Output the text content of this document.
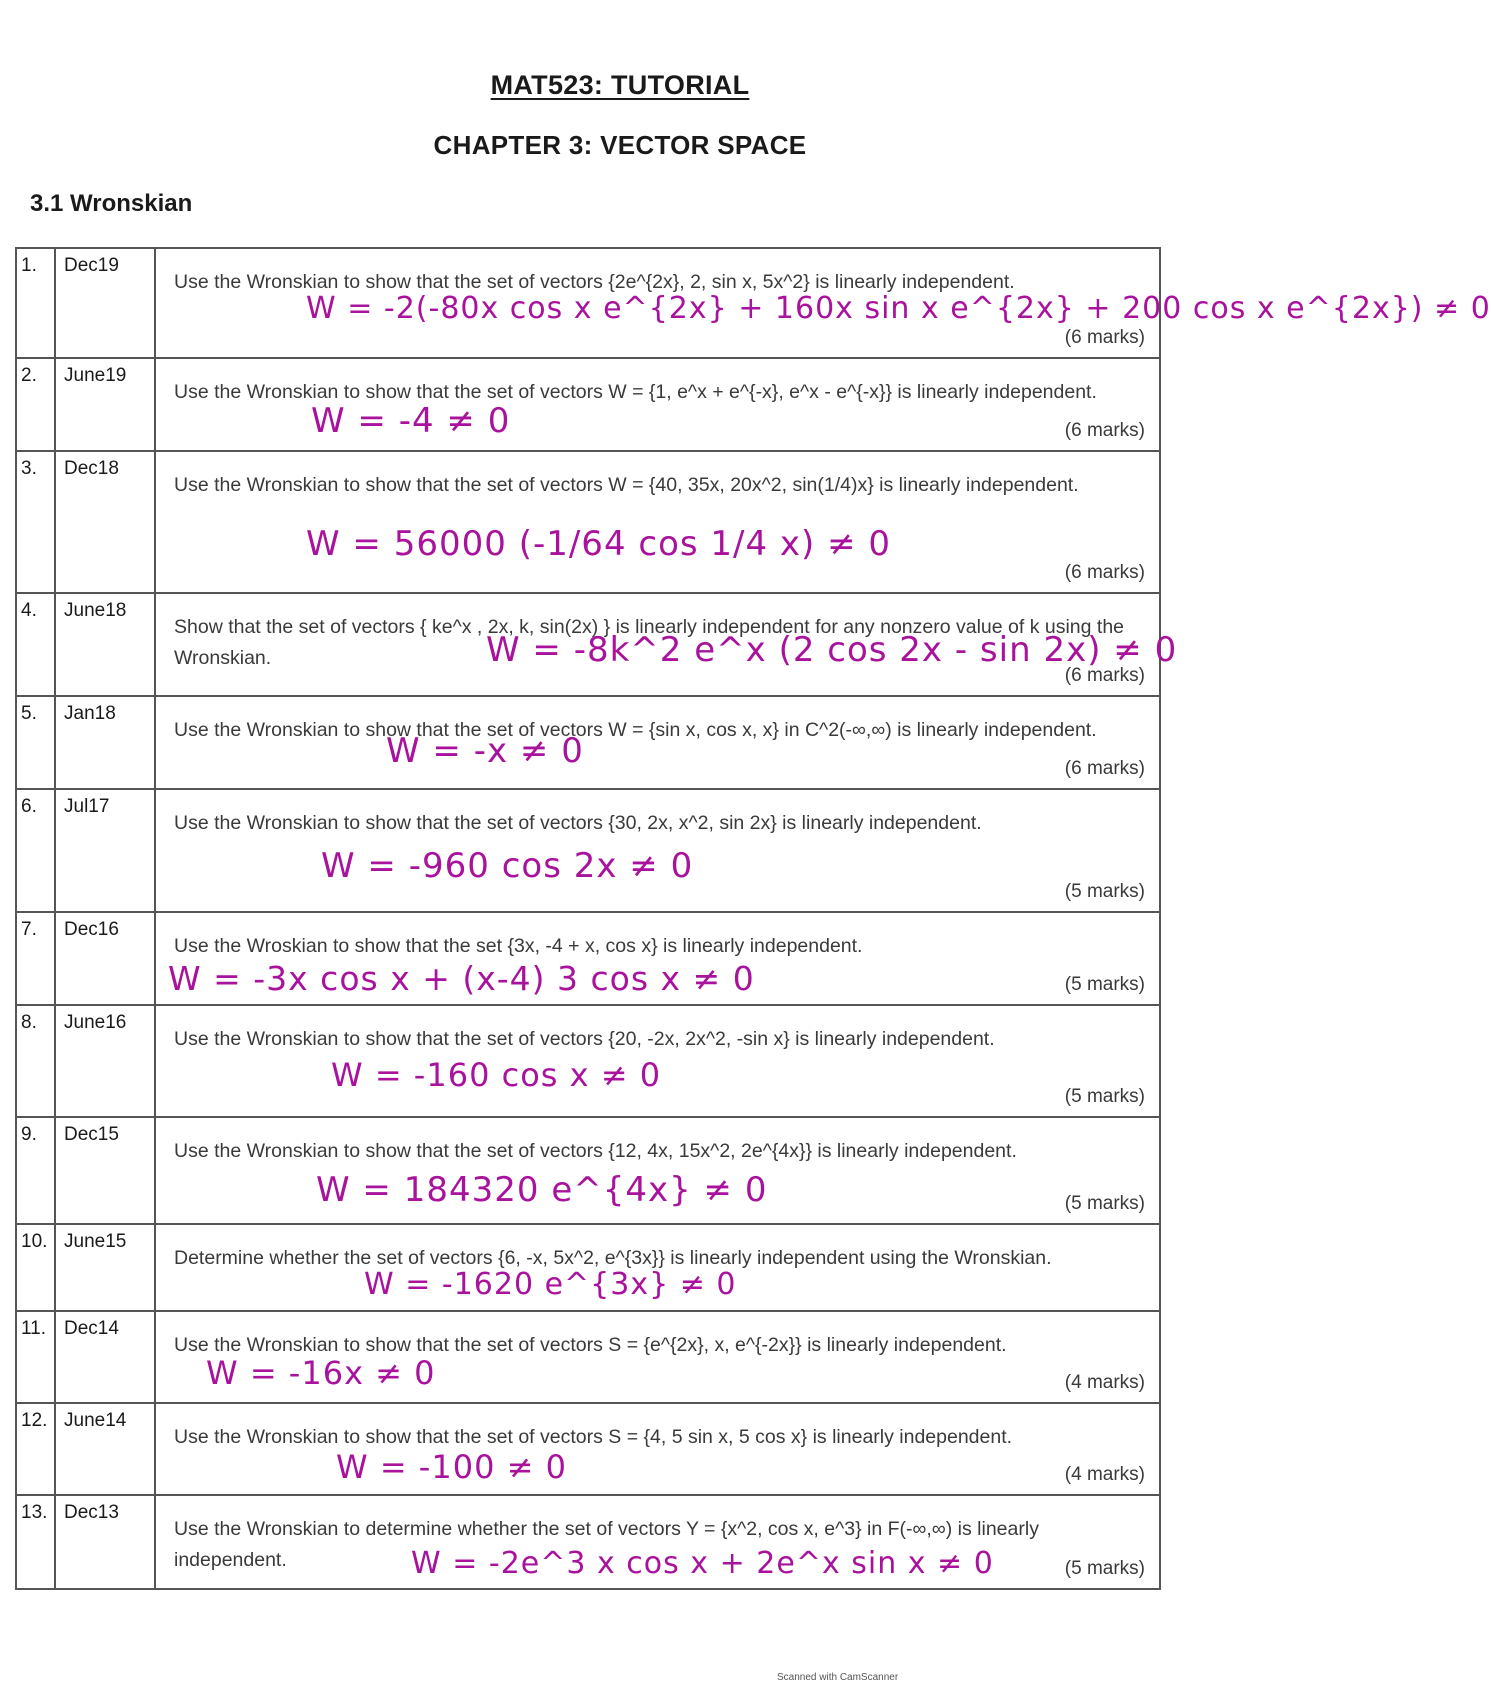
MAT523: TUTORIAL
CHAPTER 3: VECTOR SPACE
3.1 Wronskian
1.	Dec19	Use the Wronskian to show that the set of vectors {2e^{2x}, 2, sin x, 5x^2} is linearly independent.
W = -2(-80x cos x e^{2x} + 160x sin x e^{2x} + 200 cos x e^{2x}) ≠ 0
(6 marks)

2.	June19	Use the Wronskian to show that the set of vectors W = {1, e^x + e^{-x}, e^x - e^{-x}} is linearly independent.
W = -4 ≠ 0 (6 marks)

3.	Dec18	Use the Wronskian to show that the set of vectors W = {40, 35x, 20x^2, sin(1/4)x} is linearly independent.
W = 56000 (-1/64 cos 1/4 x) ≠ 0
(6 marks)

4.	June18	Show that the set of vectors { ke^x , 2x, k, sin(2x) } is linearly independent for any nonzero value of k using the Wronskian. W = -8k^2 e^x (2 cos 2x - sin 2x) ≠ 0
(6 marks)

5.	Jan18	Use the Wronskian to show that the set of vectors W = {sin x, cos x, x} in C^2(-∞,∞) is linearly independent.
W = -x ≠ 0 (6 marks)

6.	Jul17	Use the Wronskian to show that the set of vectors {30, 2x, x^2, sin 2x} is linearly independent.
W = -960 cos 2x ≠ 0
(5 marks)

7.	Dec16	Use the Wroskian to show that the set {3x, -4 + x, cos x} is linearly independent.
W = -3x cos x + (x-4) 3 cos x ≠ 0 (5 marks)

8.	June16	Use the Wronskian to show that the set of vectors {20, -2x, 2x^2, -sin x} is linearly independent.
W = -160 cos x ≠ 0
(5 marks)

9.	Dec15	Use the Wronskian to show that the set of vectors {12, 4x, 15x^2, 2e^{4x}} is linearly independent.
W = 184320 e^{4x} ≠ 0 (5 marks)

10.	June15	Determine whether the set of vectors {6, -x, 5x^2, e^{3x}} is linearly independent using the Wronskian.
W = -1620 e^{3x} ≠ 0

11.	Dec14	Use the Wronskian to show that the set of vectors S = {e^{2x}, x, e^{-2x}} is linearly independent.
W = -16x ≠ 0 (4 marks)

12.	June14	Use the Wronskian to show that the set of vectors S = {4, 5 sin x, 5 cos x} is linearly independent.
W = -100 ≠ 0 (4 marks)

13.	Dec13	Use the Wronskian to determine whether the set of vectors Y = {x^2, cos x, e^3} in F(-∞,∞) is linearly independent. W = -2e^3 x cos x + 2e^x sin x ≠ 0 (5 marks)
Scanned with CamScanner
